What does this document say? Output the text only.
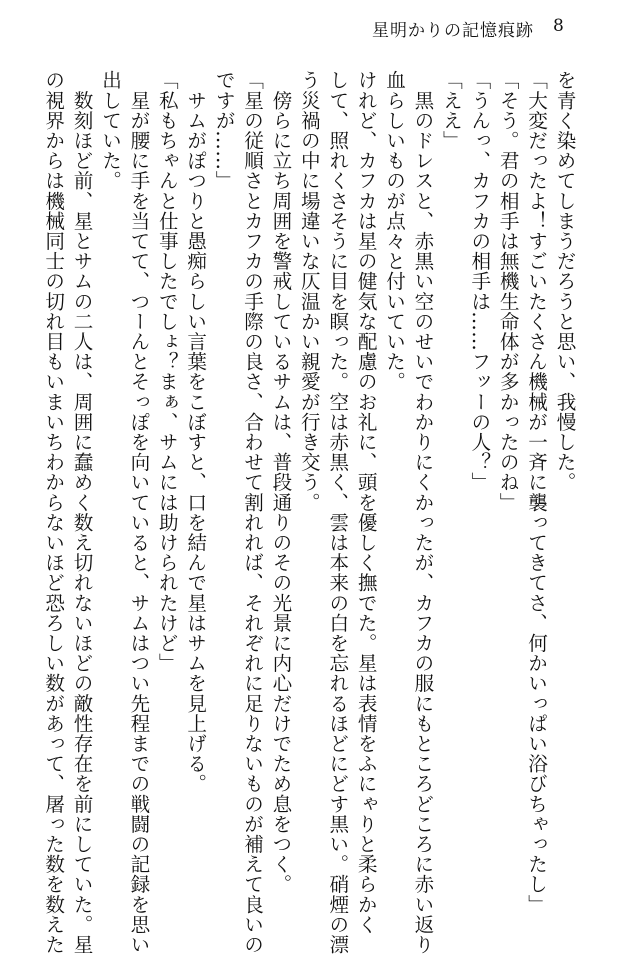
星明かりの記憶痕跡 8
を青く染めてしまうだろうと思い、我慢した。
「大変だったよ！すごいたくさん機械が一斉に襲ってきてさ、何かいっぱい浴びちゃったし」
「そう。君の相手は無機生命体が多かったのね」
「うんっ、カフカの相手は……フッーの人？」
「ええ」
　黒のドレスと、赤黒い空のせいでわかりにくかったが、カフカの服にもところどころに赤い返り
血らしいものが点々と付いていた。
けれど、カフカは星の健気な配慮のお礼に、頭を優しく撫でた。星は表情をふにゃりと柔らかく
して、照れくさそうに目を瞑った。空は赤黒く、雲は本来の白を忘れるほどにどす黒い。硝煙の漂
う災禍の中に場違いな仄温かい親愛が行き交う。
　傍らに立ち周囲を警戒しているサムは、普段通りのその光景に内心だけでため息をつく。
「星の従順さとカフカの手際の良さ、合わせて割れれば、それぞれに足りないものが補えて良いの
ですが……」
　サムがぽつりと愚痴らしい言葉をこぼすと、口を結んで星はサムを見上げる。
「私もちゃんと仕事したでしょ？まぁ、サムには助けられたけど」
　星が腰に手を当てて、つーんとそっぽを向いていると、サムはつい先程までの戦闘の記録を思い
出していた。
　数刻ほど前、星とサムの二人は、周囲に蠢めく数え切れないほどの敵性存在を前にしていた。星
の視界からは機械同士の切れ目もいまいちわからないほど恐ろしい数があって、屠った数を数えた
